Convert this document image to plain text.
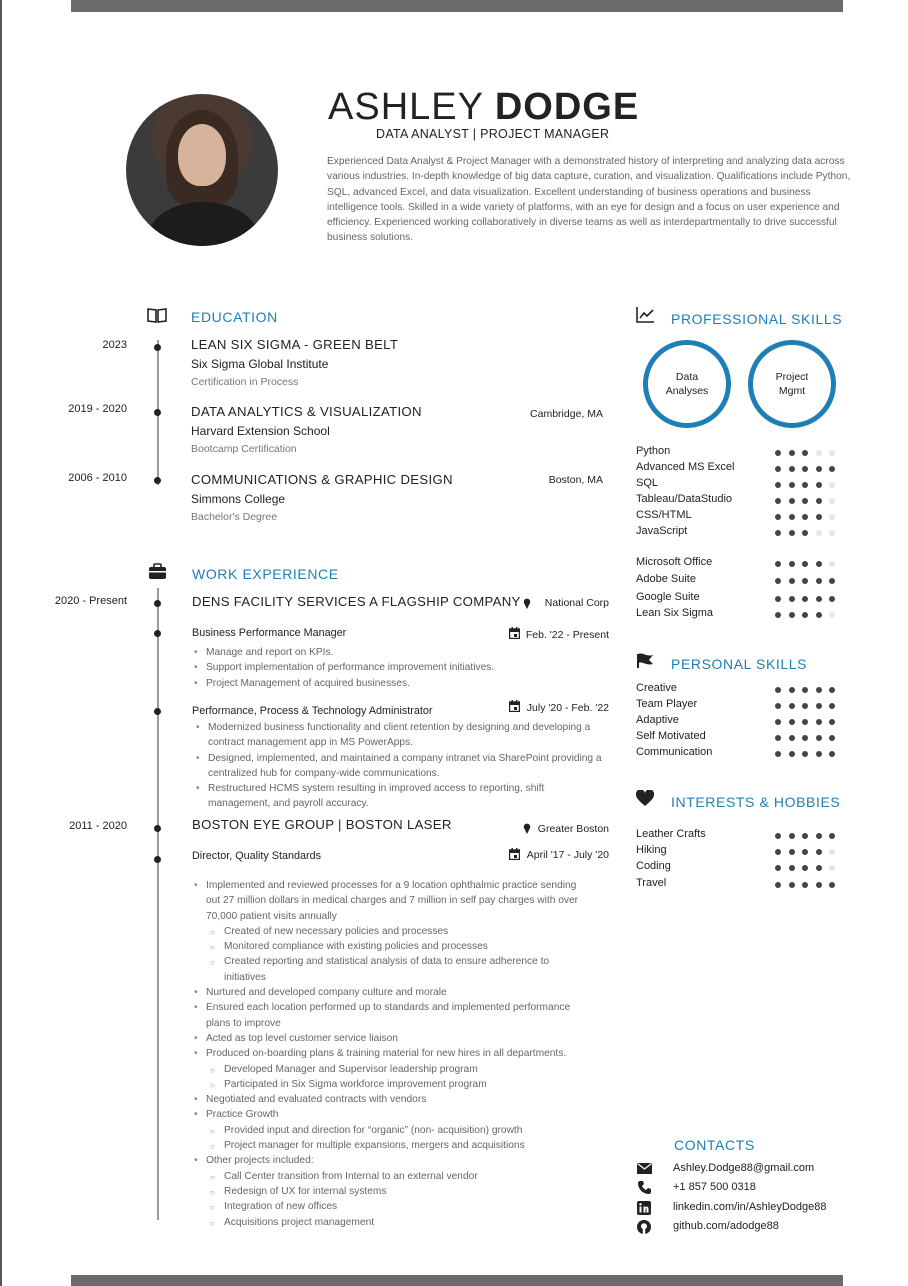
ASHLEY DODGE
DATA ANALYST | PROJECT MANAGER
Experienced Data Analyst & Project Manager with a demonstrated history of interpreting and analyzing data across various industries. In-depth knowledge of big data capture, curation, and visualization. Qualifications include Python, SQL, advanced Excel, and data visualization. Excellent understanding of business operations and business intelligence tools. Skilled in a wide variety of platforms, with an eye for design and a focus on user experience and efficiency. Experienced working collaboratively in diverse teams as well as interdepartmentally to drive successful business solutions.
EDUCATION
2023	LEAN SIX SIGMA - GREEN BELT
Six Sigma Global Institute
Certification in Process
2019 - 2020	DATA ANALYTICS & VISUALIZATION	Cambridge, MA
Harvard Extension School
Bootcamp Certification
2006 - 2010	COMMUNICATIONS & GRAPHIC DESIGN	Boston, MA
Simmons College
Bachelor's Degree
WORK EXPERIENCE
2020 - Present	DENS FACILITY SERVICES A FLAGSHIP COMPANY	National Corp
Business Performance Manager	Feb. '22 - Present
• Manage and report on KPIs.
• Support implementation of performance improvement initiatives.
• Project Management of acquired businesses.
Performance, Process & Technology Administrator	July '20 - Feb. '22
• Modernized business functionality and client retention by designing and developing a contract management app in MS PowerApps.
• Designed, implemented, and maintained a company intranet via SharePoint providing a centralized hub for company-wide communications.
• Restructured HCMS system resulting in improved access to reporting, shift management, and payroll accuracy.
2011 - 2020	BOSTON EYE GROUP | BOSTON LASER	Greater Boston
Director, Quality Standards	April '17 - July '20
• Implemented and reviewed processes for a 9 location ophthalmic practice sending out 27 million dollars in medical charges and 7 million in self pay charges with over 70,000 patient visits annually
○ Created of new necessary policies and processes
○ Monitored compliance with existing policies and processes
○ Created reporting and statistical analysis of data to ensure adherence to initiatives
• Nurtured and developed company culture and morale
• Ensured each location performed up to standards and implemented performance plans to improve
• Acted as top level customer service liaison
• Produced on-boarding plans & training material for new hires in all departments.
○ Developed Manager and Supervisor leadership program
○ Participated in Six Sigma workforce improvement program
• Negotiated and evaluated contracts with vendors
• Practice Growth
○ Provided input and direction for “organic” (non- acquisition) growth
○ Project manager for multiple expansions, mergers and acquisitions
• Other projects included:
○ Call Center transition from Internal to an external vendor
○ Redesign of UX for internal systems
○ Integration of new offices
○ Acquisitions project management
PROFESSIONAL SKILLS
Data
Analyses
Project
Mgmt
PERSONAL SKILLS
INTERESTS & HOBBIES
CONTACTS
Ashley.Dodge88@gmail.com
+1 857 500 0318
linkedin.com/in/AshleyDodge88
github.com/adodge88
Python
Advanced MS Excel
SQL
Tableau/DataStudio
CSS/HTML
JavaScript
Microsoft Office
Adobe Suite
Google Suite
Lean Six Sigma
Creative
Team Player
Adaptive
Self Motivated
Communication
Leather Crafts
Hiking
Coding
Travel
